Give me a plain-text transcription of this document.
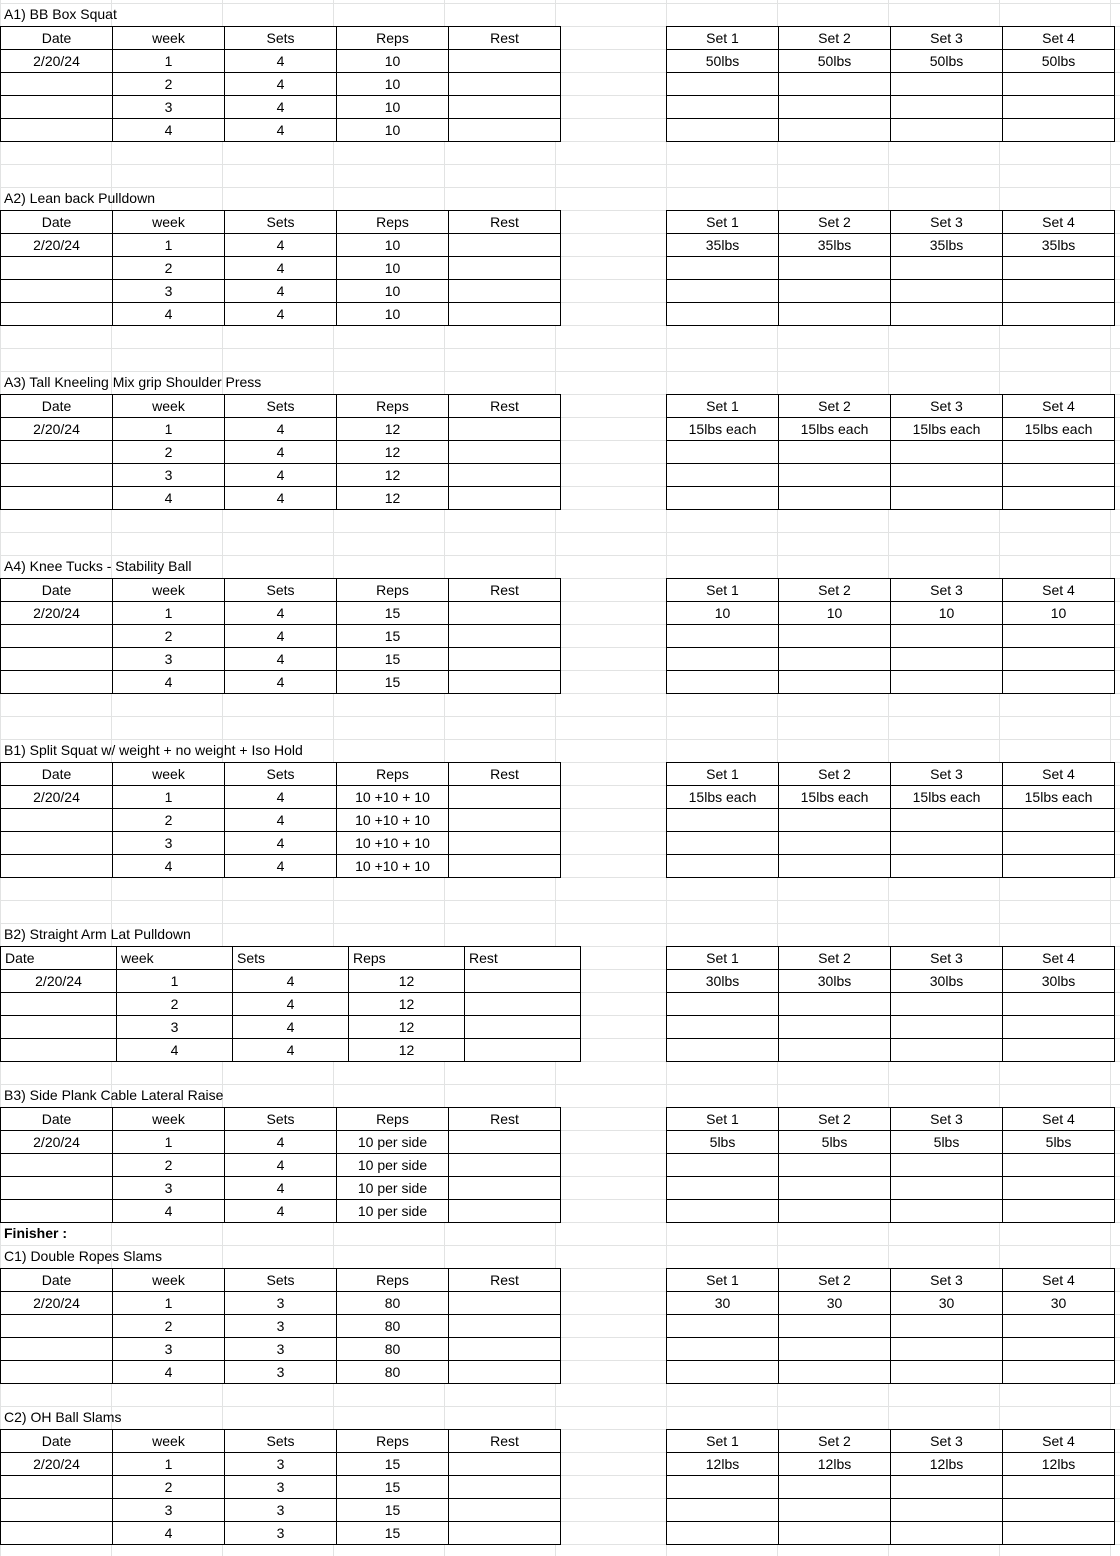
A1) BB Box Squat
Date	week	Sets	Reps	Rest
2/20/24	1	4	10	
	2	4	10	
	3	4	10	
	4	4	10	
Set 1	Set 2	Set 3	Set 4
50lbs	50lbs	50lbs	50lbs

A2) Lean back Pulldown
Date	week	Sets	Reps	Rest
2/20/24	1	4	10	
	2	4	10	
	3	4	10	
	4	4	10	
Set 1	Set 2	Set 3	Set 4
35lbs	35lbs	35lbs	35lbs

A3) Tall Kneeling Mix grip Shoulder Press
Date	week	Sets	Reps	Rest
2/20/24	1	4	12	
	2	4	12	
	3	4	12	
	4	4	12	
Set 1	Set 2	Set 3	Set 4
15lbs each	15lbs each	15lbs each	15lbs each

A4) Knee Tucks - Stability Ball
Date	week	Sets	Reps	Rest
2/20/24	1	4	15	
	2	4	15	
	3	4	15	
	4	4	15	
Set 1	Set 2	Set 3	Set 4
10	10	10	10

B1) Split Squat w/ weight + no weight + Iso Hold
Date	week	Sets	Reps	Rest
2/20/24	1	4	10 +10 + 10	
	2	4	10 +10 + 10	
	3	4	10 +10 + 10	
	4	4	10 +10 + 10	
Set 1	Set 2	Set 3	Set 4
15lbs each	15lbs each	15lbs each	15lbs each

B2) Straight Arm Lat Pulldown
Date	week	Sets	Reps	Rest
2/20/24	1	4	12	
	2	4	12	
	3	4	12	
	4	4	12	
Set 1	Set 2	Set 3	Set 4
30lbs	30lbs	30lbs	30lbs

B3) Side Plank Cable Lateral Raise
Date	week	Sets	Reps	Rest
2/20/24	1	4	10 per side	
	2	4	10 per side	
	3	4	10 per side	
	4	4	10 per side	
Set 1	Set 2	Set 3	Set 4
5lbs	5lbs	5lbs	5lbs

Finisher :
C1) Double Ropes Slams
Date	week	Sets	Reps	Rest
2/20/24	1	3	80	
	2	3	80	
	3	3	80	
	4	3	80	
Set 1	Set 2	Set 3	Set 4
30	30	30	30

C2) OH Ball Slams
Date	week	Sets	Reps	Rest
2/20/24	1	3	15	
	2	3	15	
	3	3	15	
	4	3	15	
Set 1	Set 2	Set 3	Set 4
12lbs	12lbs	12lbs	12lbs
